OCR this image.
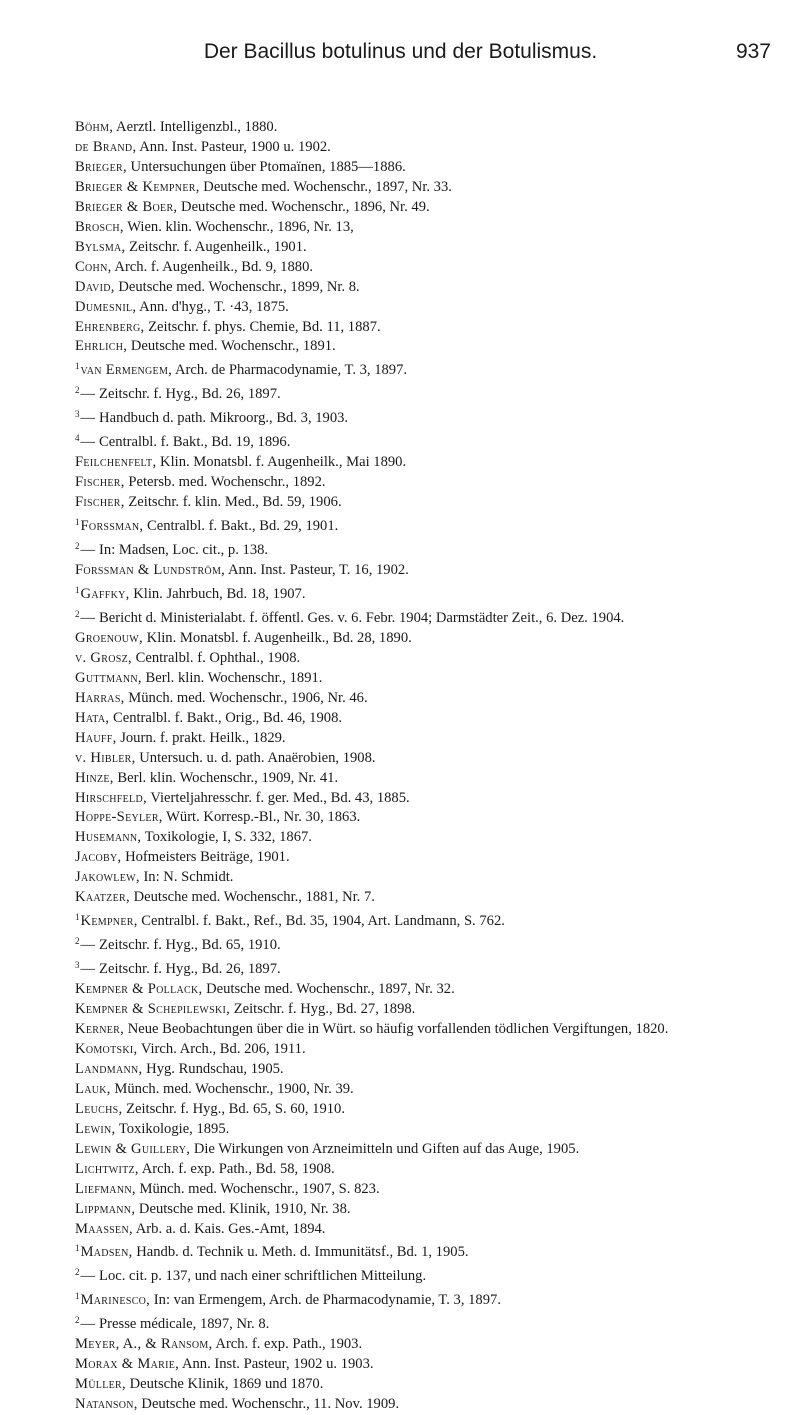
Der Bacillus botulinus und der Botulismus.	937
Böhm, Aerztl. Intelligenzbl., 1880.
de Brand, Ann. Inst. Pasteur, 1900 u. 1902.
Brieger, Untersuchungen über Ptomaïnen, 1885—1886.
Brieger & Kempner, Deutsche med. Wochenschr., 1897, Nr. 33.
Brieger & Boer, Deutsche med. Wochenschr., 1896, Nr. 49.
Brosch, Wien. klin. Wochenschr., 1896, Nr. 13,
Bylsma, Zeitschr. f. Augenheilk., 1901.
Cohn, Arch. f. Augenheilk., Bd. 9, 1880.
David, Deutsche med. Wochenschr., 1899, Nr. 8.
Dumesnil, Ann. d'hyg., T. ·43, 1875.
Ehrenberg, Zeitschr. f. phys. Chemie, Bd. 11, 1887.
Ehrlich, Deutsche med. Wochenschr., 1891.
$^1$van Ermengem, Arch. de Pharmacodynamie, T. 3, 1897.
$^2$— Zeitschr. f. Hyg., Bd. 26, 1897.
$^3$— Handbuch d. path. Mikroorg., Bd. 3, 1903.
$^4$— Centralbl. f. Bakt., Bd. 19, 1896.
Feilchenfelt, Klin. Monatsbl. f. Augenheilk., Mai 1890.
Fischer, Petersb. med. Wochenschr., 1892.
Fischer, Zeitschr. f. klin. Med., Bd. 59, 1906.
$^1$Forssman, Centralbl. f. Bakt., Bd. 29, 1901.
$^2$— In: Madsen, Loc. cit., p. 138.
Forssman & Lundström, Ann. Inst. Pasteur, T. 16, 1902.
$^1$Gaffky, Klin. Jahrbuch, Bd. 18, 1907.
$^2$— Bericht d. Ministerialabt. f. öffentl. Ges. v. 6. Febr. 1904; Darmstädter Zeit., 6. Dez. 1904.
Groenouw, Klin. Monatsbl. f. Augenheilk., Bd. 28, 1890.
v. Grosz, Centralbl. f. Ophthal., 1908.
Guttmann, Berl. klin. Wochenschr., 1891.
Harras, Münch. med. Wochenschr., 1906, Nr. 46.
Hata, Centralbl. f. Bakt., Orig., Bd. 46, 1908.
Hauff, Journ. f. prakt. Heilk., 1829.
v. Hibler, Untersuch. u. d. path. Anaërobien, 1908.
Hinze, Berl. klin. Wochenschr., 1909, Nr. 41.
Hirschfeld, Vierteljahresschr. f. ger. Med., Bd. 43, 1885.
Hoppe-Seyler, Würt. Korresp.-Bl., Nr. 30, 1863.
Husemann, Toxikologie, I, S. 332, 1867.
Jacoby, Hofmeisters Beiträge, 1901.
Jakowlew, In: N. Schmidt.
Kaatzer, Deutsche med. Wochenschr., 1881, Nr. 7.
$^1$Kempner, Centralbl. f. Bakt., Ref., Bd. 35, 1904, Art. Landmann, S. 762.
$^2$— Zeitschr. f. Hyg., Bd. 65, 1910.
$^3$— Zeitschr. f. Hyg., Bd. 26, 1897.
Kempner & Pollack, Deutsche med. Wochenschr., 1897, Nr. 32.
Kempner & Schepilewski, Zeitschr. f. Hyg., Bd. 27, 1898.
Kerner, Neue Beobachtungen über die in Würt. so häufig vorfallenden tödlichen Vergiftungen, 1820.
Komotski, Virch. Arch., Bd. 206, 1911.
Landmann, Hyg. Rundschau, 1905.
Lauk, Münch. med. Wochenschr., 1900, Nr. 39.
Leuchs, Zeitschr. f. Hyg., Bd. 65, S. 60, 1910.
Lewin, Toxikologie, 1895.
Lewin & Guillery, Die Wirkungen von Arzneimitteln und Giften auf das Auge, 1905.
Lichtwitz, Arch. f. exp. Path., Bd. 58, 1908.
Liefmann, Münch. med. Wochenschr., 1907, S. 823.
Lippmann, Deutsche med. Klinik, 1910, Nr. 38.
Maassen, Arb. a. d. Kais. Ges.-Amt, 1894.
$^1$Madsen, Handb. d. Technik u. Meth. d. Immunitätsf., Bd. 1, 1905.
$^2$— Loc. cit. p. 137, und nach einer schriftlichen Mitteilung.
$^1$Marinesco, In: van Ermengem, Arch. de Pharmacodynamie, T. 3, 1897.
$^2$— Presse médicale, 1897, Nr. 8.
Meyer, A., & Ransom, Arch. f. exp. Path., 1903.
Morax & Marie, Ann. Inst. Pasteur, 1902 u. 1903.
Müller, Deutsche Klinik, 1869 und 1870.
Natanson, Deutsche med. Wochenschr., 11. Nov. 1909.
